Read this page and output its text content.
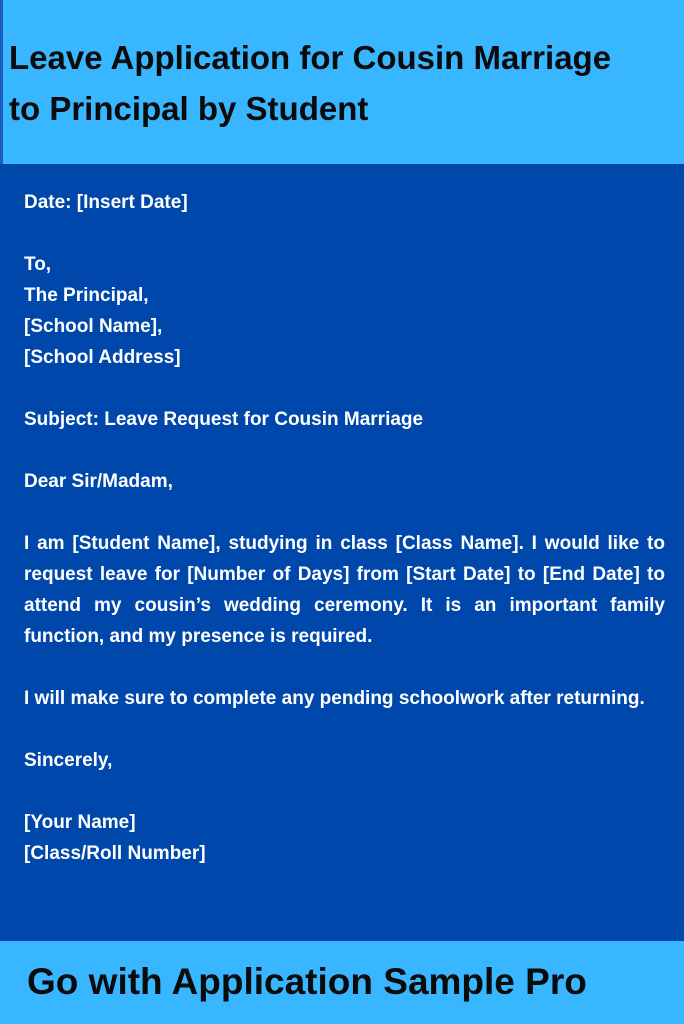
Leave Application for Cousin Marriage
to Principal by Student

Date: [Insert Date]

To,

The Principal,

[School Name],

[School Address]

Subject: Leave Request for Cousin Marriage

Dear Sir/Madam,

I am [Student Name], studying in class [Class Name]. I would like to request leave for [Number of Days] from [Start Date] to [End Date] to attend my cousin’s wedding ceremony. It is an important family function, and my presence is required.

I will make sure to complete any pending schoolwork after returning.

Sincerely,

[Your Name]

[Class/Roll Number]

Go with Application Sample Pro
